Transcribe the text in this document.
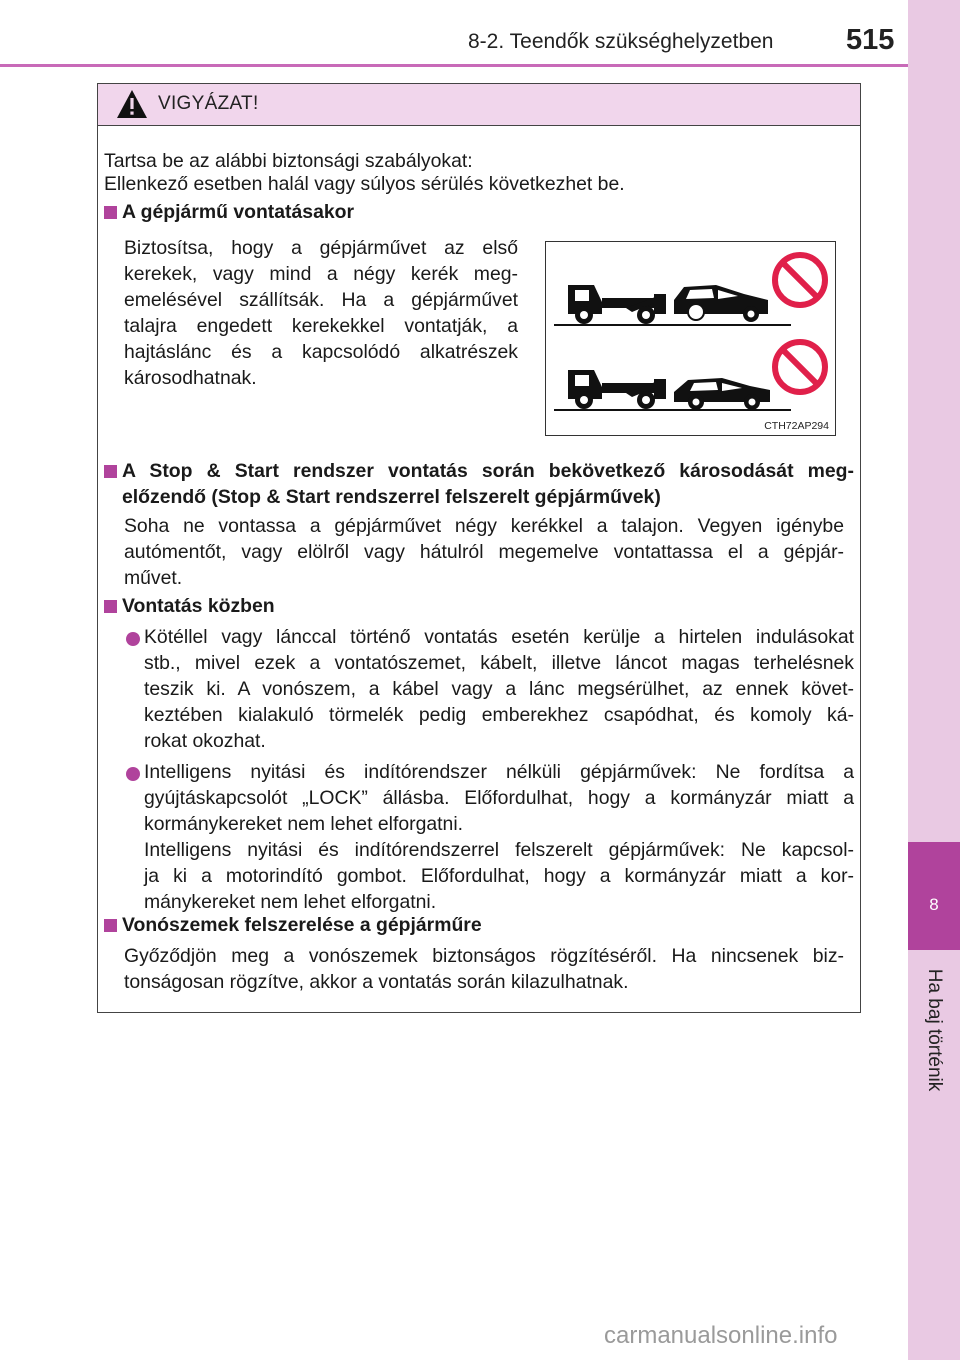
8-2. Teendők szükséghelyzetben	515
8
Ha baj történik
VIGYÁZAT!
Tartsa be az alábbi biztonsági szabályokat:
Ellenkező esetben halál vagy súlyos sérülés következhet be.
A gépjármű vontatásakor
Biztosítsa, hogy a gépjárművet az első
kerekek, vagy mind a négy kerék meg-
emelésével szállítsák. Ha a gépjárművet
talajra engedett kerekekkel vontatják, a
hajtáslánc és a kapcsolódó alkatrészek
károsodhatnak.
A Stop & Start rendszer vontatás során bekövetkező károsodását meg-
előzendő (Stop & Start rendszerrel felszerelt gépjárművek)
Soha ne vontassa a gépjárművet négy kerékkel a talajon. Vegyen igénybe
autómentőt, vagy elölről vagy hátulról megemelve vontattassa el a gépjár-
művet.
Vontatás közben
Kötéllel vagy lánccal történő vontatás esetén kerülje a hirtelen indulásokat
stb., mivel ezek a vontatószemet, kábelt, illetve láncot magas terhelésnek
teszik ki. A vonószem, a kábel vagy a lánc megsérülhet, az ennek követ-
keztében kialakuló törmelék pedig emberekhez csapódhat, és komoly ká-
rokat okozhat.
Intelligens nyitási és indítórendszer nélküli gépjárművek: Ne fordítsa a
gyújtáskapcsolót „LOCK” állásba. Előfordulhat, hogy a kormányzár miatt a
kormánykereket nem lehet elforgatni.
Intelligens nyitási és indítórendszerrel felszerelt gépjárművek: Ne kapcsol-
ja ki a motorindító gombot. Előfordulhat, hogy a kormányzár miatt a kor-
mánykereket nem lehet elforgatni.
Vonószemek felszerelése a gépjárműre
Győződjön meg a vonószemek biztonságos rögzítéséről. Ha nincsenek biz-
tonságosan rögzítve, akkor a vontatás során kilazulhatnak.
CTH72AP294
carmanualsonline.info
